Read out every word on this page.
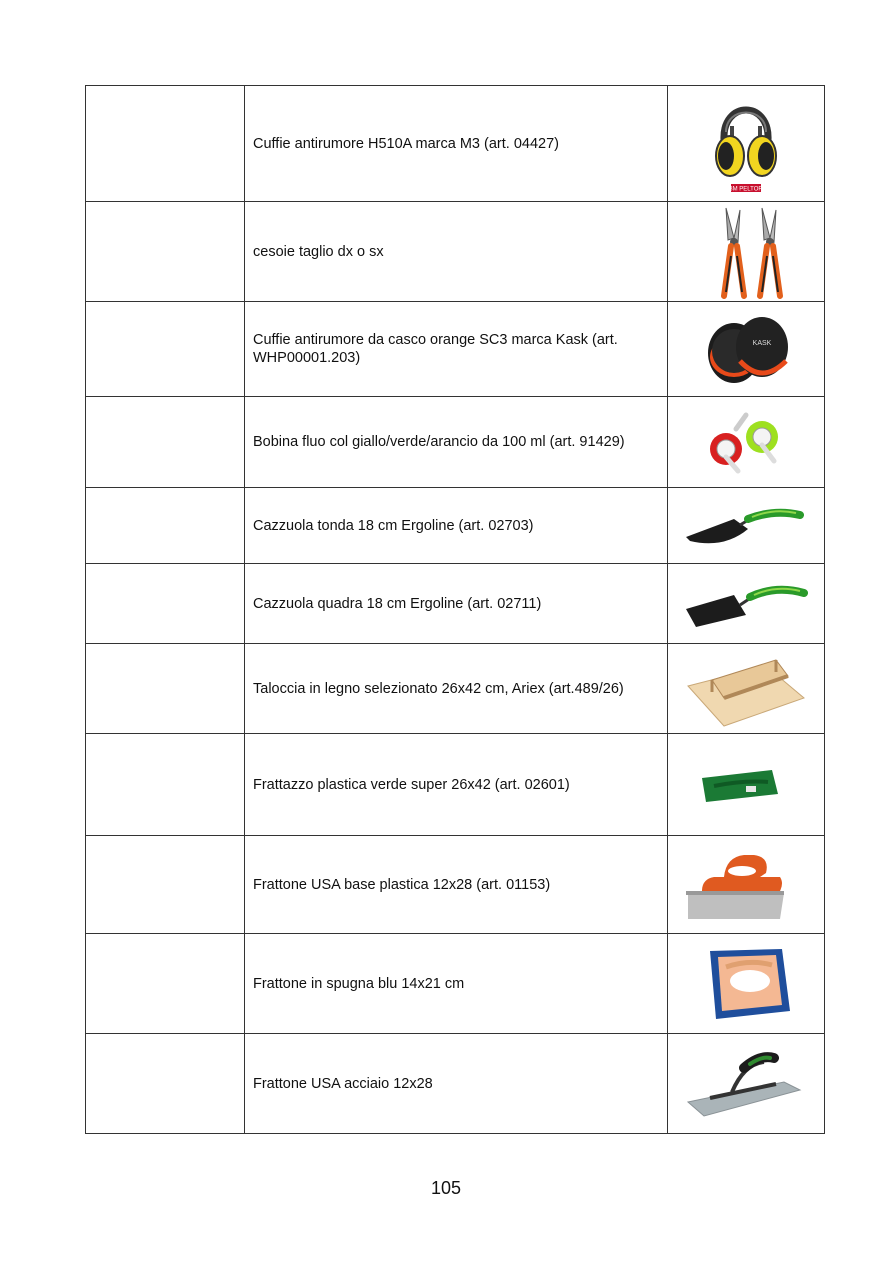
	Cuffie antirumore H510A marca M3 (art. 04427)	3M PELTOR

	cesoie taglio dx o sx	

	Cuffie antirumore da casco orange SC3 marca Kask (art. WHP00001.203)	KASK

	Bobina fluo col giallo/verde/arancio da 100 ml (art. 91429)	

	Cazzuola tonda 18 cm Ergoline (art. 02703)	

	Cazzuola quadra 18 cm Ergoline (art. 02711)	

	Taloccia in legno selezionato 26x42 cm, Ariex (art.489/26)	

	Frattazzo plastica verde super 26x42 (art. 02601)	

	Frattone USA base plastica 12x28 (art. 01153)	

	Frattone in spugna blu 14x21 cm	

	Frattone USA acciaio 12x28	
105
